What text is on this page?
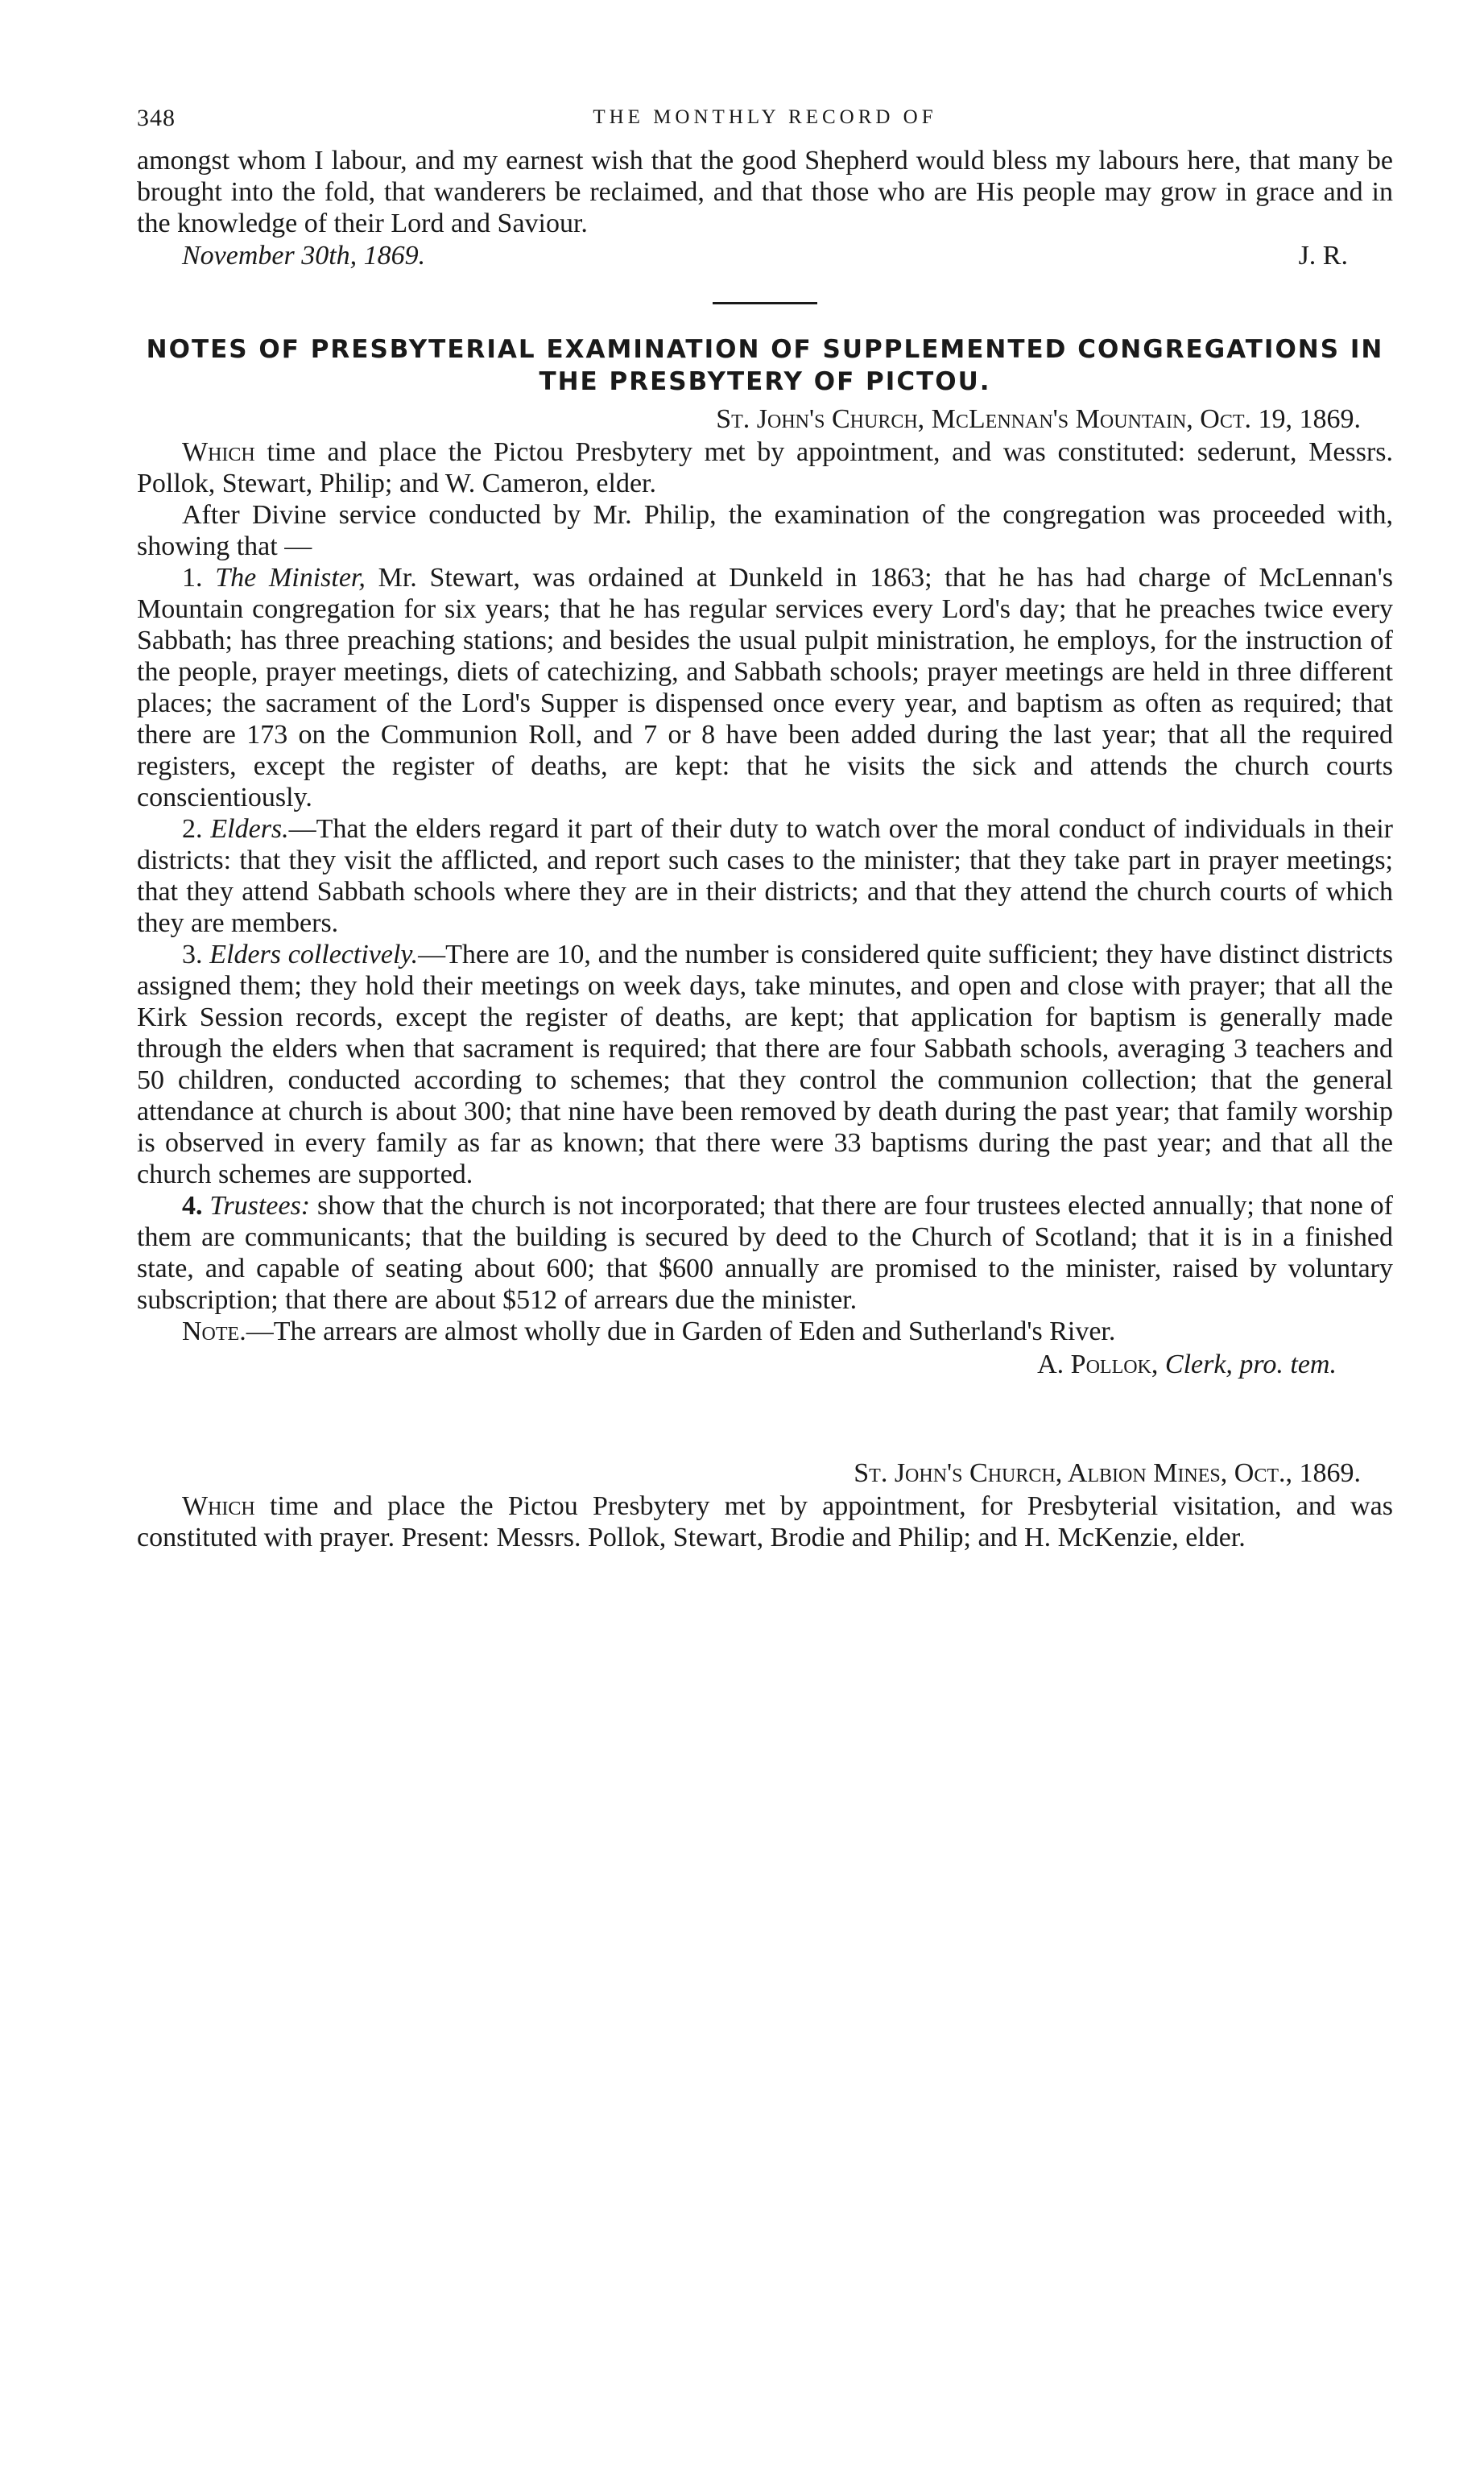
348	THE MONTHLY RECORD OF

amongst whom I labour, and my earnest wish that the good Shepherd would bless my labours here, that many be brought into the fold, that wanderers be reclaimed, and that those who are His people may grow in grace and in the knowledge of their Lord and Saviour.

November 30th, 1869.	J. R.
NOTES OF PRESBYTERIAL EXAMINATION OF SUPPLEMENTED CONGREGATIONS IN THE PRESBYTERY OF PICTOU.
St. John's Church, McLennan's Mountain, Oct. 19, 1869.

Which time and place the Pictou Presbytery met by appointment, and was constituted: sederunt, Messrs. Pollok, Stewart, Philip; and W. Cameron, elder.

After Divine service conducted by Mr. Philip, the examination of the congregation was proceeded with, showing that —

1. The Minister, Mr. Stewart, was ordained at Dunkeld in 1863; that he has had charge of McLennan's Mountain congregation for six years; that he has regular services every Lord's day; that he preaches twice every Sabbath; has three preaching stations; and besides the usual pulpit ministration, he employs, for the instruction of the people, prayer meetings, diets of catechizing, and Sabbath schools; prayer meetings are held in three different places; the sacrament of the Lord's Supper is dispensed once every year, and baptism as often as required; that there are 173 on the Communion Roll, and 7 or 8 have been added during the last year; that all the required registers, except the register of deaths, are kept: that he visits the sick and attends the church courts conscientiously.

2. Elders.—That the elders regard it part of their duty to watch over the moral conduct of individuals in their districts: that they visit the afflicted, and report such cases to the minister; that they take part in prayer meetings; that they attend Sabbath schools where they are in their districts; and that they attend the church courts of which they are members.

3. Elders collectively.—There are 10, and the number is considered quite sufficient; they have distinct districts assigned them; they hold their meetings on week days, take minutes, and open and close with prayer; that all the Kirk Session records, except the register of deaths, are kept; that application for baptism is generally made through the elders when that sacrament is required; that there are four Sabbath schools, averaging 3 teachers and 50 children, conducted according to schemes; that they control the communion collection; that the general attendance at church is about 300; that nine have been removed by death during the past year; that family worship is observed in every family as far as known; that there were 33 baptisms during the past year; and that all the church schemes are supported.

4. Trustees: show that the church is not incorporated; that there are four trustees elected annually; that none of them are communicants; that the building is secured by deed to the Church of Scotland; that it is in a finished state, and capable of seating about 600; that $600 annually are promised to the minister, raised by voluntary subscription; that there are about $512 of arrears due the minister.

Note.—The arrears are almost wholly due in Garden of Eden and Sutherland's River.

A. Pollok, Clerk, pro. tem.
St. John's Church, Albion Mines, Oct., 1869.

Which time and place the Pictou Presbytery met by appointment, for Presbyterial visitation, and was constituted with prayer. Present: Messrs. Pollok, Stewart, Brodie and Philip; and H. McKenzie, elder.
